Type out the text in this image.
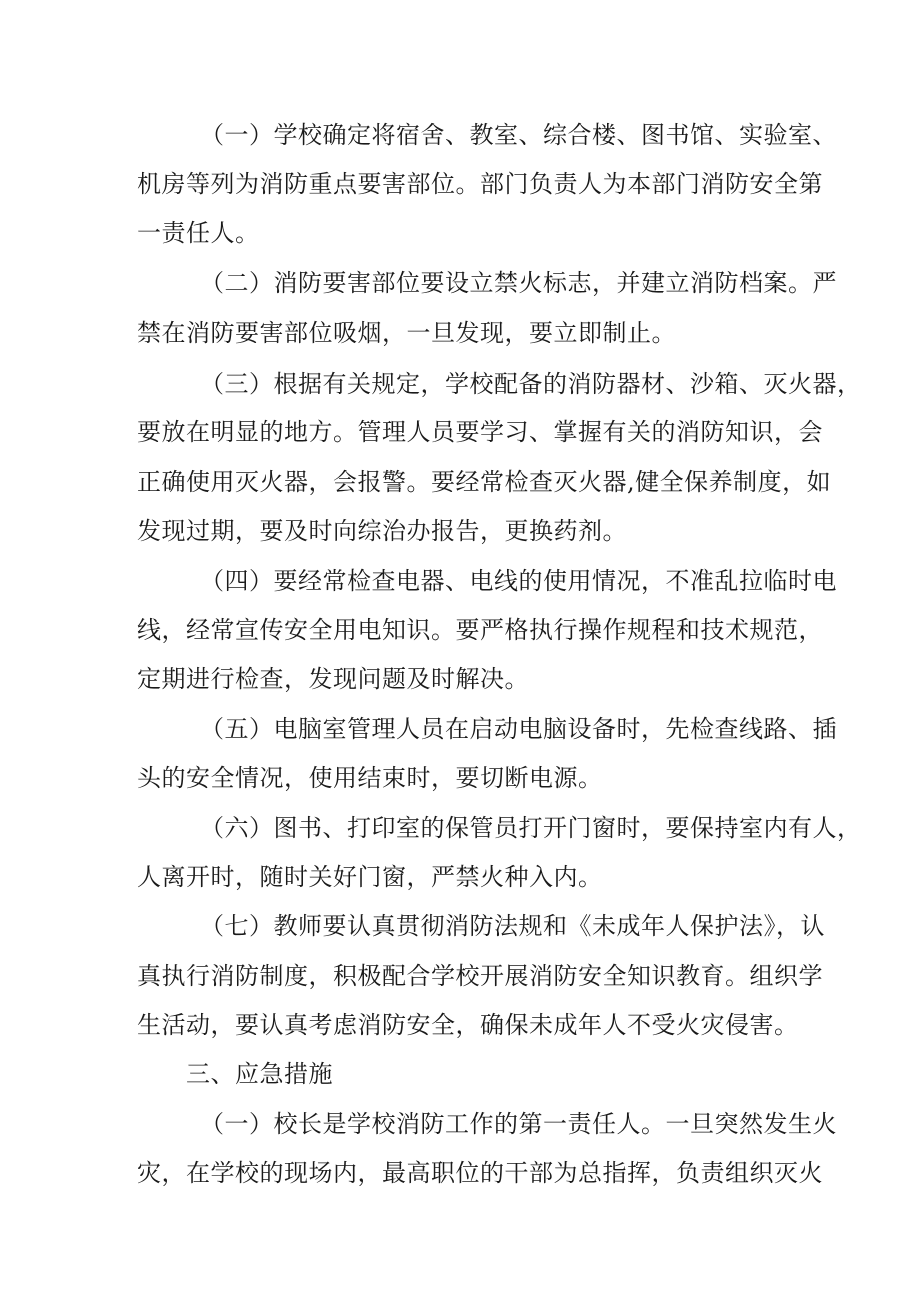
（一）学校确定将宿舍、教室、综合楼、图书馆、实验室、
机房等列为消防重点要害部位。部门负责人为本部门消防安全第
一责任人。
（二）消防要害部位要设立禁火标志，并建立消防档案。严
禁在消防要害部位吸烟，一旦发现，要立即制止。
（三）根据有关规定，学校配备的消防器材、沙箱、灭火器，
要放在明显的地方。管理人员要学习、掌握有关的消防知识，会
正确使用灭火器，会报警。要经常检查灭火器,健全保养制度，如
发现过期，要及时向综治办报告，更换药剂。
（四）要经常检查电器、电线的使用情况，不准乱拉临时电
线，经常宣传安全用电知识。要严格执行操作规程和技术规范，
定期进行检查，发现问题及时解决。
（五）电脑室管理人员在启动电脑设备时，先检查线路、插
头的安全情况，使用结束时，要切断电源。
（六）图书、打印室的保管员打开门窗时，要保持室内有人，
人离开时，随时关好门窗，严禁火种入内。
（七）教师要认真贯彻消防法规和《未成年人保护法》，认
真执行消防制度，积极配合学校开展消防安全知识教育。组织学
生活动，要认真考虑消防安全，确保未成年人不受火灾侵害。
三、应急措施
（一）校长是学校消防工作的第一责任人。一旦突然发生火
灾，在学校的现场内，最高职位的干部为总指挥，负责组织灭火
